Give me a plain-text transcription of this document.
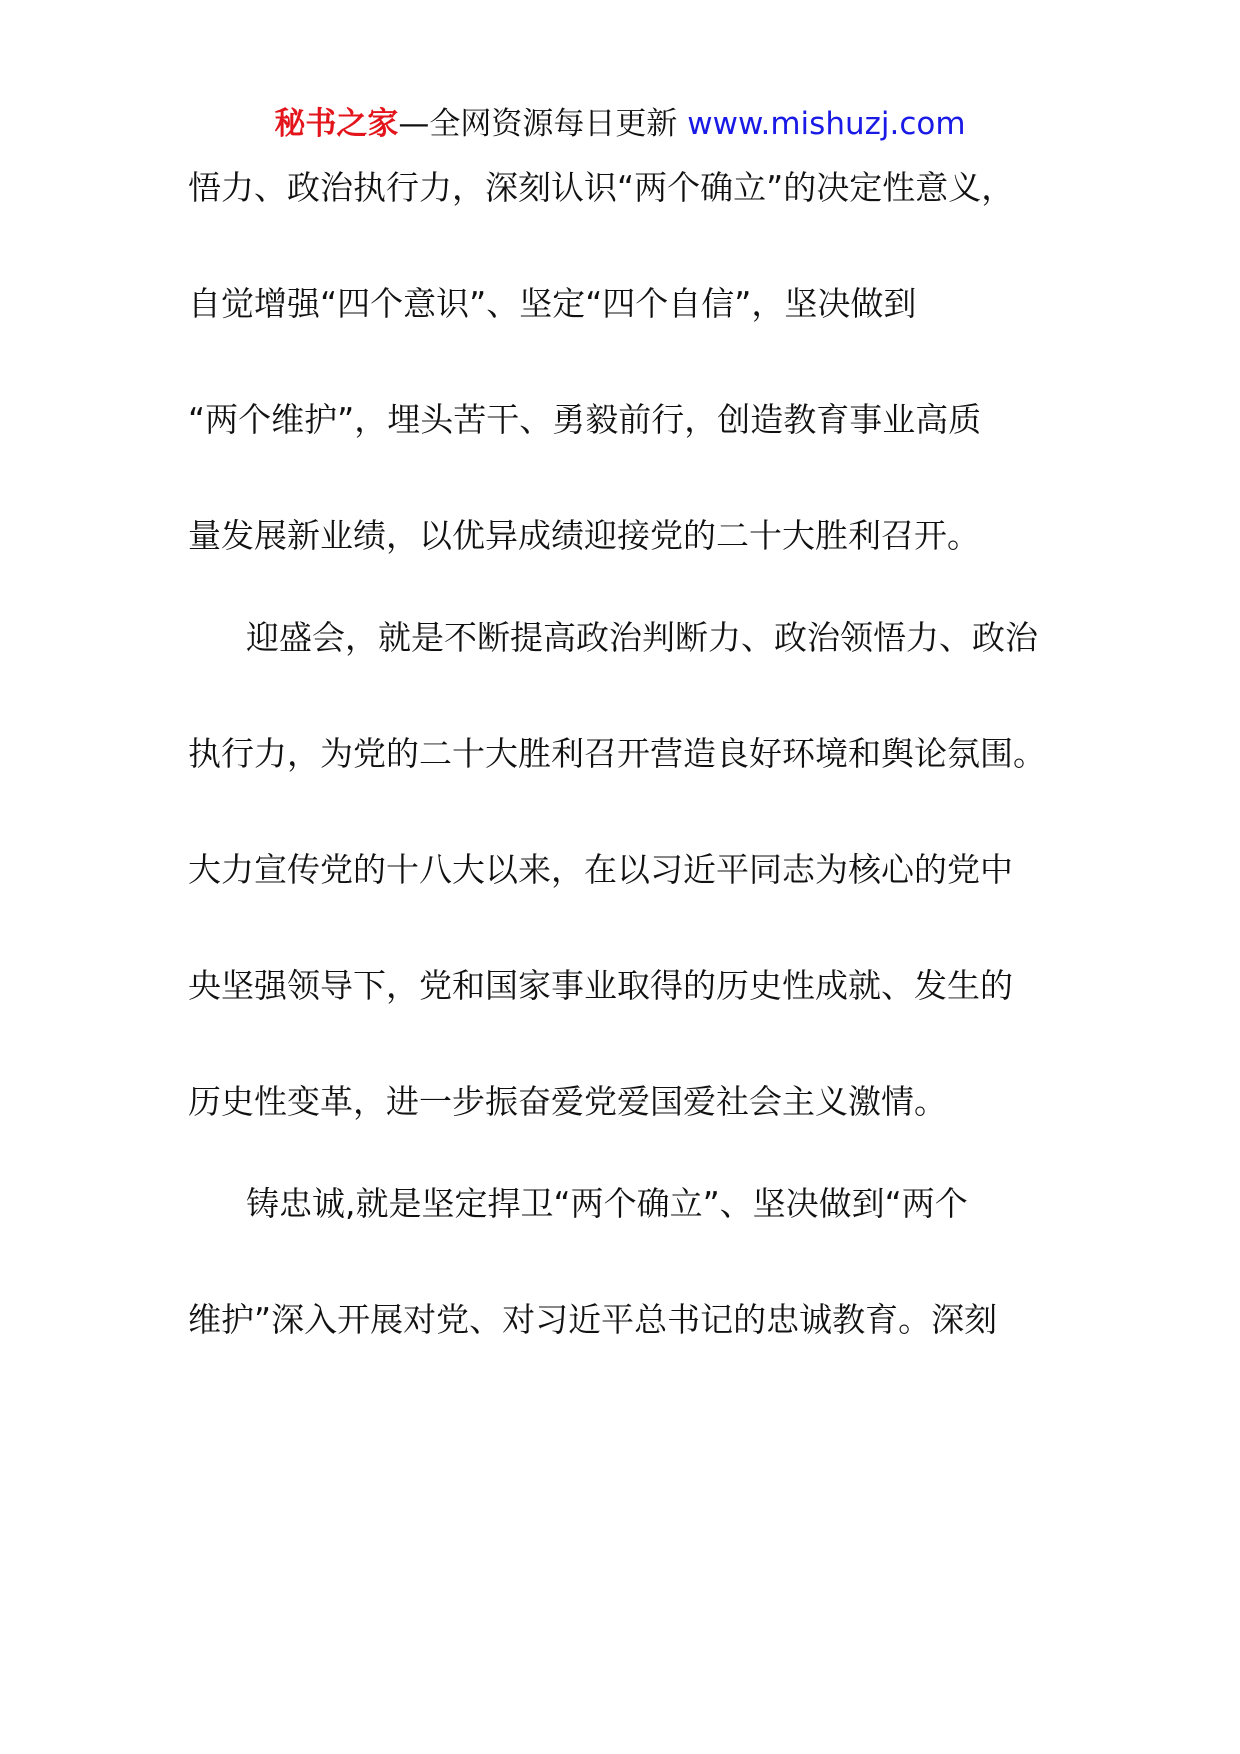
秘书之家—全网资源每日更新 www.mishuzj.com
悟力、政治执行力，深刻认识“两个确立”的决定性意义，
自觉增强“四个意识”、坚定“四个自信”，坚决做到
“两个维护”，埋头苦干、勇毅前行，创造教育事业高质
量发展新业绩，以优异成绩迎接党的二十大胜利召开。
迎盛会，就是不断提高政治判断力、政治领悟力、政治
执行力，为党的二十大胜利召开营造良好环境和舆论氛围。
大力宣传党的十八大以来，在以习近平同志为核心的党中
央坚强领导下，党和国家事业取得的历史性成就、发生的
历史性变革，进一步振奋爱党爱国爱社会主义激情。
铸忠诚,就是坚定捍卫“两个确立”、坚决做到“两个
维护”深入开展对党、对习近平总书记的忠诚教育。深刻
